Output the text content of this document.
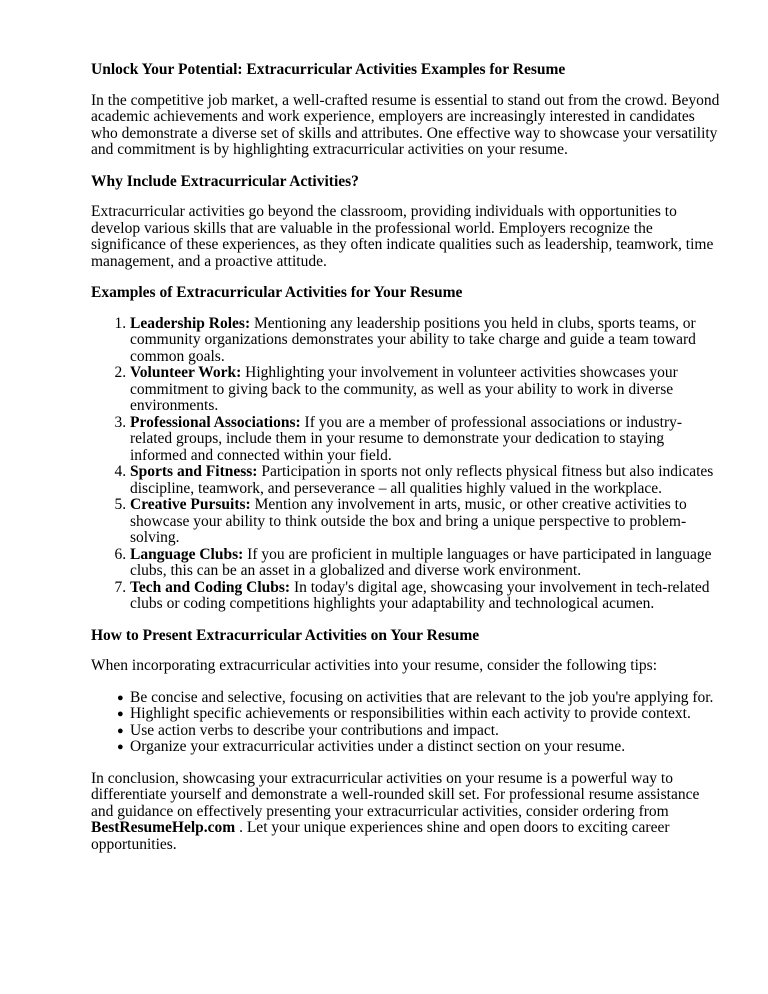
Unlock Your Potential: Extracurricular Activities Examples for Resume

In the competitive job market, a well-crafted resume is essential to stand out from the crowd. Beyond academic achievements and work experience, employers are increasingly interested in candidates who demonstrate a diverse set of skills and attributes. One effective way to showcase your versatility and commitment is by highlighting extracurricular activities on your resume.

Why Include Extracurricular Activities?

Extracurricular activities go beyond the classroom, providing individuals with opportunities to develop various skills that are valuable in the professional world. Employers recognize the significance of these experiences, as they often indicate qualities such as leadership, teamwork, time management, and a proactive attitude.

Examples of Extracurricular Activities for Your Resume
1. Leadership Roles: Mentioning any leadership positions you held in clubs, sports teams, or community organizations demonstrates your ability to take charge and guide a team toward common goals.
2. Volunteer Work: Highlighting your involvement in volunteer activities showcases your commitment to giving back to the community, as well as your ability to work in diverse environments.
3. Professional Associations: If you are a member of professional associations or industry-related groups, include them in your resume to demonstrate your dedication to staying informed and connected within your field.
4. Sports and Fitness: Participation in sports not only reflects physical fitness but also indicates discipline, teamwork, and perseverance – all qualities highly valued in the workplace.
5. Creative Pursuits: Mention any involvement in arts, music, or other creative activities to showcase your ability to think outside the box and bring a unique perspective to problem-solving.
6. Language Clubs: If you are proficient in multiple languages or have participated in language clubs, this can be an asset in a globalized and diverse work environment.
7. Tech and Coding Clubs: In today's digital age, showcasing your involvement in tech-related clubs or coding competitions highlights your adaptability and technological acumen.
How to Present Extracurricular Activities on Your Resume

When incorporating extracurricular activities into your resume, consider the following tips:

● Be concise and selective, focusing on activities that are relevant to the job you're applying for.
● Highlight specific achievements or responsibilities within each activity to provide context.
● Use action verbs to describe your contributions and impact.
● Organize your extracurricular activities under a distinct section on your resume.

In conclusion, showcasing your extracurricular activities on your resume is a powerful way to differentiate yourself and demonstrate a well-rounded skill set. For professional resume assistance and guidance on effectively presenting your extracurricular activities, consider ordering from BestResumeHelp.com . Let your unique experiences shine and open doors to exciting career opportunities.
